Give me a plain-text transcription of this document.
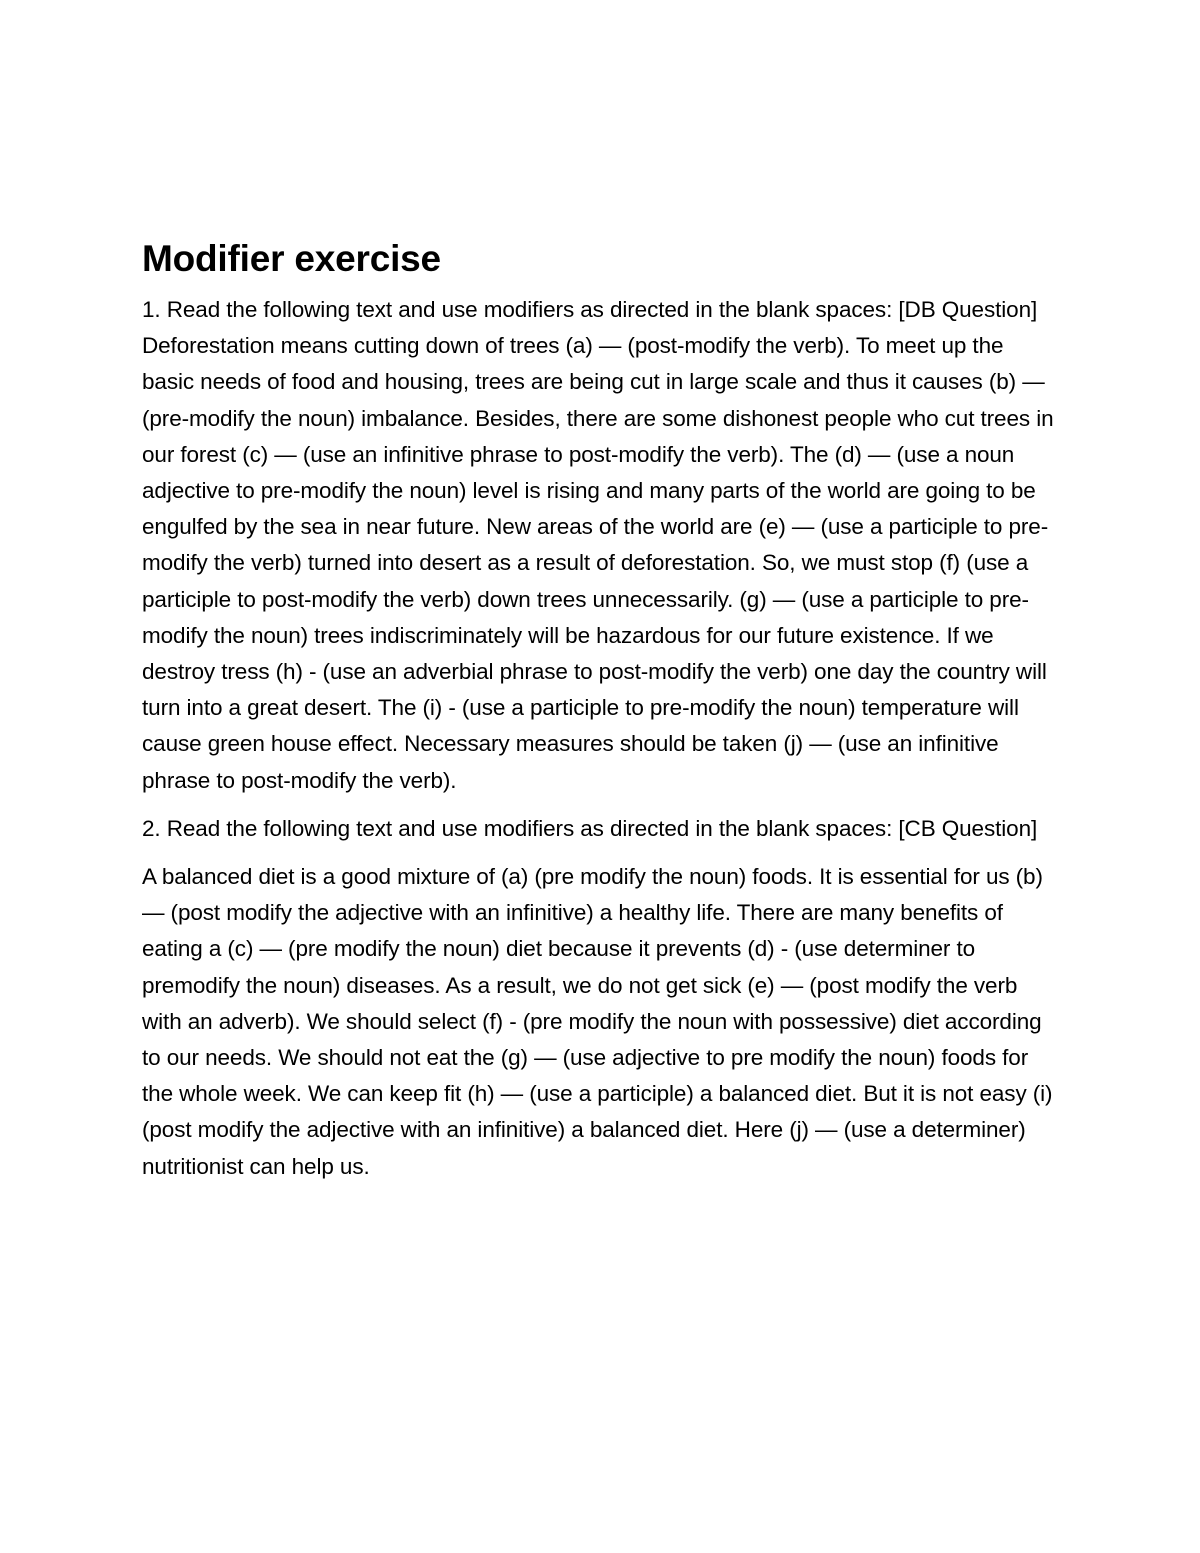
Modifier exercise

1. Read the following text and use modifiers as directed in the blank spaces: [DB Question] Deforestation means cutting down of trees (a) — (post-modify the verb). To meet up the basic needs of food and housing, trees are being cut in large scale and thus it causes (b) — (pre-modify the noun) imbalance. Besides, there are some dishonest people who cut trees in our forest (c) — (use an infinitive phrase to post-modify the verb). The (d) — (use a noun adjective to pre-modify the noun) level is rising and many parts of the world are going to be engulfed by the sea in near future. New areas of the world are (e) — (use a participle to pre-modify the verb) turned into desert as a result of deforestation. So, we must stop (f) (use a participle to post-modify the verb) down trees unnecessarily. (g) — (use a participle to pre-modify the noun) trees indiscriminately will be hazardous for our future existence. If we destroy tress (h) - (use an adverbial phrase to post-modify the verb) one day the country will turn into a great desert. The (i) - (use a participle to pre-modify the noun) temperature will cause green house effect. Necessary measures should be taken (j) — (use an infinitive phrase to post-modify the verb).

2. Read the following text and use modifiers as directed in the blank spaces: [CB Question]

A balanced diet is a good mixture of (a) (pre modify the noun) foods. It is essential for us (b) — (post modify the adjective with an infinitive) a healthy life. There are many benefits of eating a (c) — (pre modify the noun) diet because it prevents (d) - (use determiner to premodify the noun) diseases. As a result, we do not get sick (e) — (post modify the verb with an adverb). We should select (f) - (pre modify the noun with possessive) diet according to our needs. We should not eat the (g) — (use adjective to pre modify the noun) foods for the whole week. We can keep fit (h) — (use a participle) a balanced diet. But it is not easy (i) (post modify the adjective with an infinitive) a balanced diet. Here (j) — (use a determiner) nutritionist can help us.
